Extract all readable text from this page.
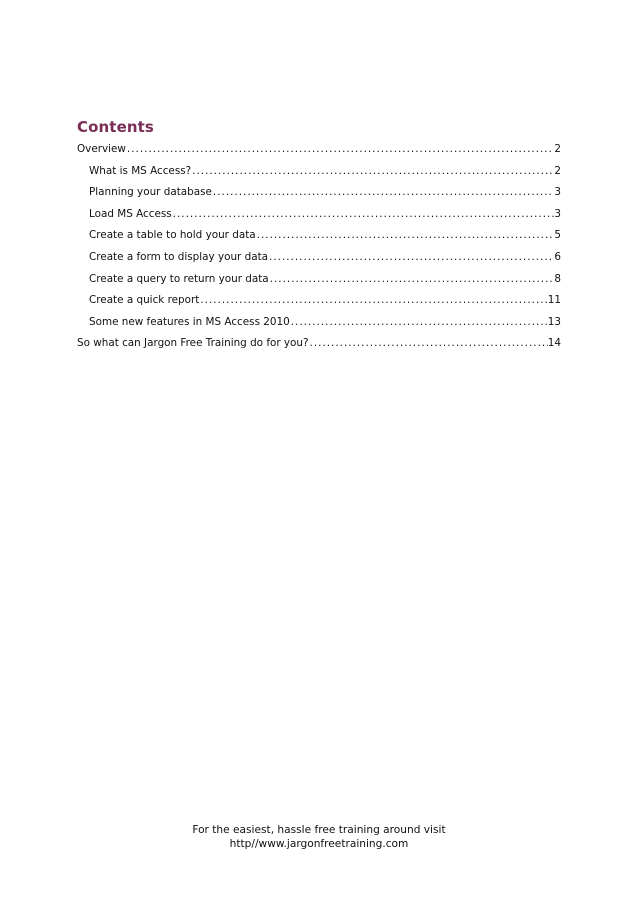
Contents
Overview .....	2
What is MS Access? .....	2
Planning your database .....	3
Load MS Access .....	3
Create a table to hold your data .....	5
Create a form to display your data .....	6
Create a query to return your data .....	8
Create a quick report .....	11
Some new features in MS Access 2010 .....	13
So what can Jargon Free Training do for you? .....	14
For the easiest, hassle free training around visit
http//www.jargonfreetraining.com
